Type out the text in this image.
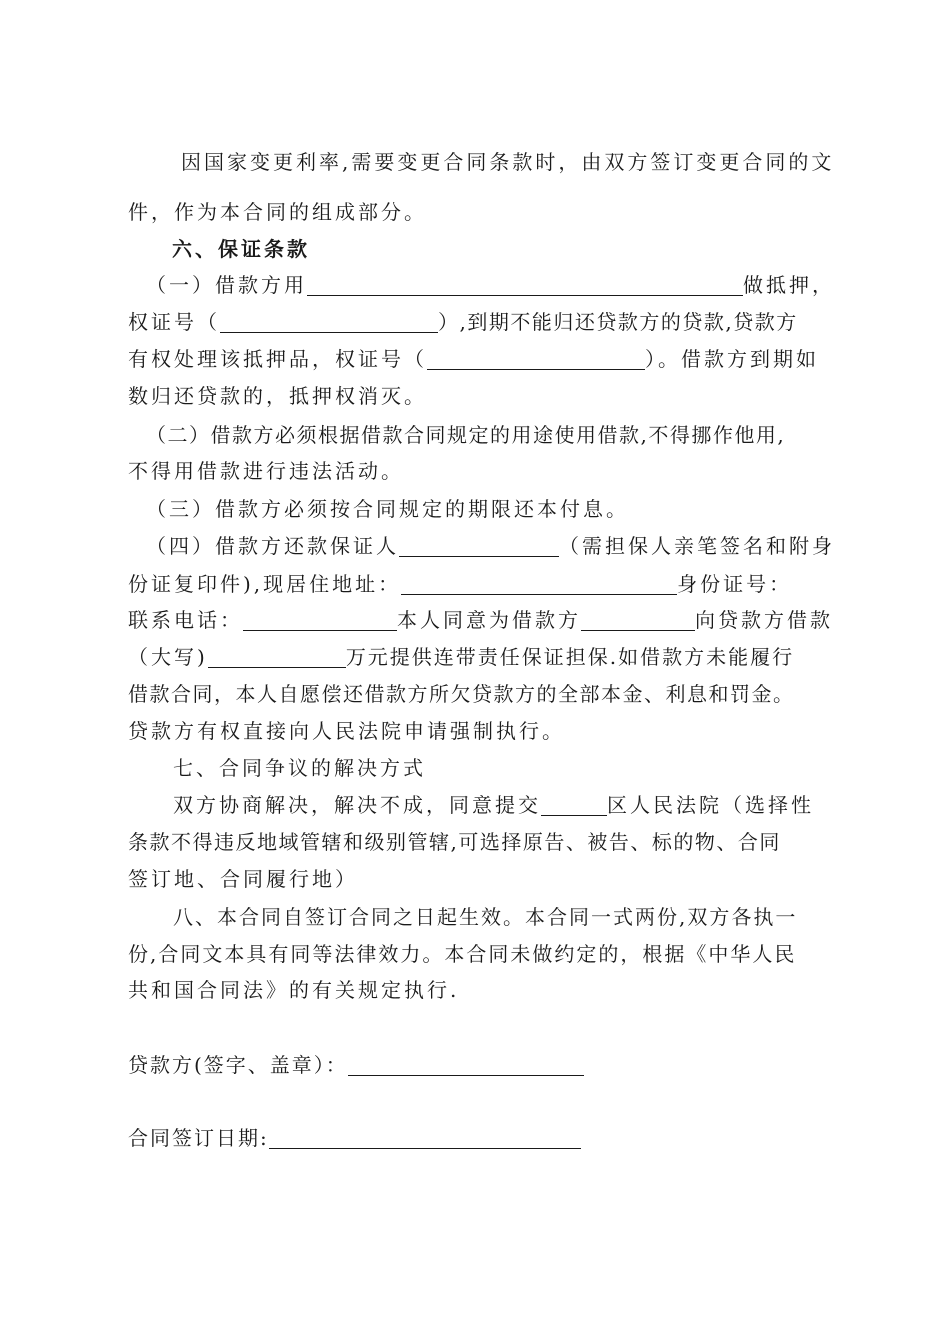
因国家变更利率,需要变更合同条款时，由双方签订变更合同的文
件，作为本合同的组成部分。
六、保证条款
（一）借款方用	做抵押，
权证号（	）,到期不能归还贷款方的贷款,贷款方
有权处理该抵押品，权证号（	）。借款方到期如
数归还贷款的，抵押权消灭。
（二）借款方必须根据借款合同规定的用途使用借款,不得挪作他用,
不得用借款进行违法活动。
（三）借款方必须按合同规定的期限还本付息。
（四）借款方还款保证人	（需担保人亲笔签名和附身
份证复印件),现居住地址：	身份证号：
联系电话：	本人同意为借款方	向贷款方借款
（大写)	万元提供连带责任保证担保.如借款方未能履行
借款合同，本人自愿偿还借款方所欠贷款方的全部本金、利息和罚金。
贷款方有权直接向人民法院申请强制执行。
七、合同争议的解决方式
双方协商解决，解决不成，同意提交	区人民法院（选择性
条款不得违反地域管辖和级别管辖,可选择原告、被告、标的物、合同
签订地、合同履行地）
八、本合同自签订合同之日起生效。本合同一式两份,双方各执一
份,合同文本具有同等法律效力。本合同未做约定的，根据《中华人民
共和国合同法》的有关规定执行.
贷款方(签字、盖章）：
合同签订日期:
